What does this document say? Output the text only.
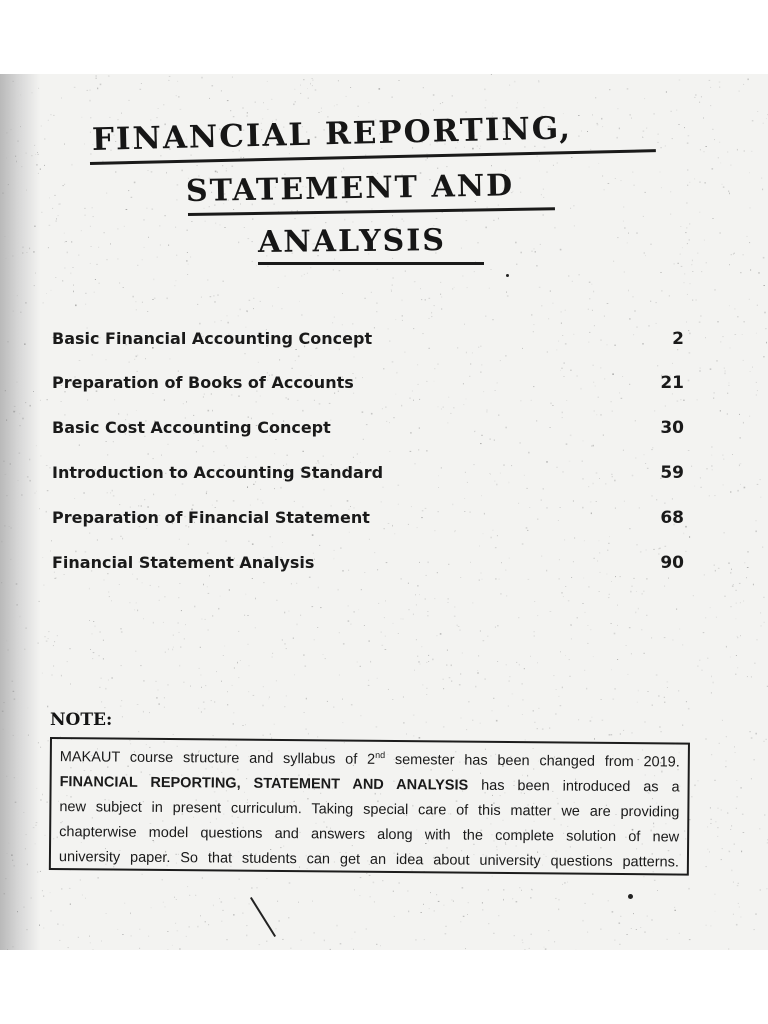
FINANCIAL REPORTING,
STATEMENT AND
ANALYSIS
Basic Financial Accounting Concept	2
Preparation of Books of Accounts	21
Basic Cost Accounting Concept	30
Introduction to Accounting Standard	59
Preparation of Financial Statement	68
Financial Statement Analysis	90
NOTE:
MAKAUT course structure and syllabus of 2nd semester has been changed from 2019.
FINANCIAL REPORTING, STATEMENT AND ANALYSIS has been introduced as a
new subject in present curriculum. Taking special care of this matter we are providing
chapterwise model questions and answers along with the complete solution of new
university paper. So that students can get an idea about university questions patterns.
